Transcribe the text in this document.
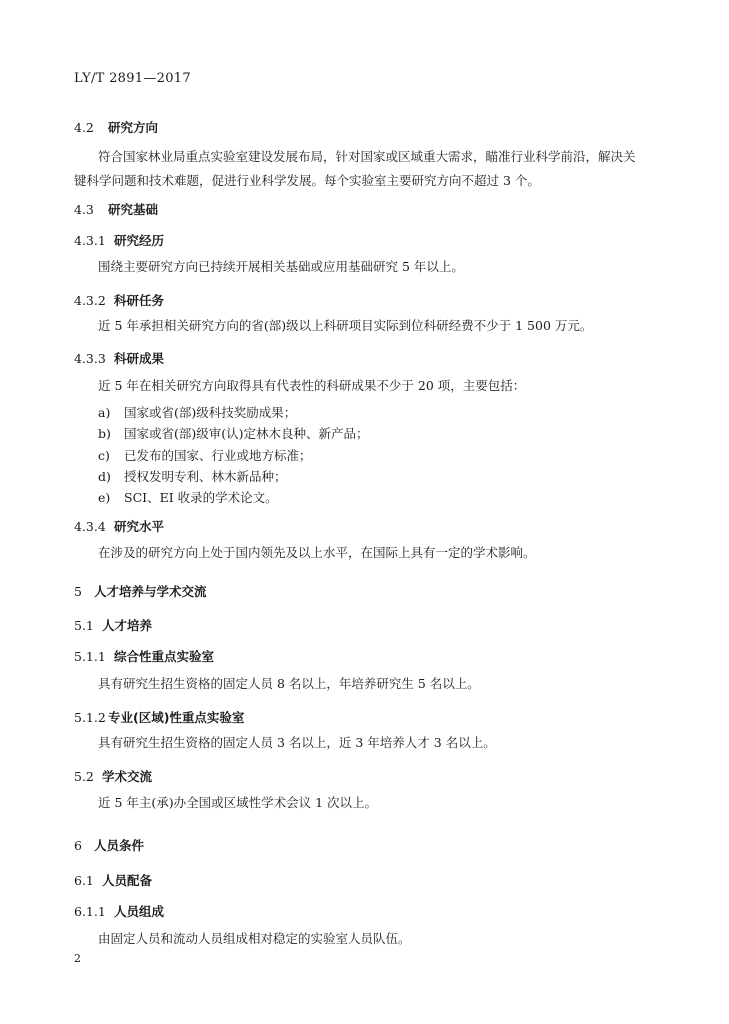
LY/T 2891—2017
4.2 研究方向
符合国家林业局重点实验室建设发展布局，针对国家或区域重大需求，瞄准行业科学前沿，解决关
键科学问题和技术难题，促进行业科学发展。每个实验室主要研究方向不超过 3 个。
4.3 研究基础
4.3.1 研究经历
围绕主要研究方向已持续开展相关基础或应用基础研究 5 年以上。
4.3.2 科研任务
近 5 年承担相关研究方向的省(部)级以上科研项目实际到位科研经费不少于 1 500 万元。
4.3.3 科研成果
近 5 年在相关研究方向取得具有代表性的科研成果不少于 20 项，主要包括：
a) 国家或省(部)级科技奖励成果；
b) 国家或省(部)级审(认)定林木良种、新产品；
c) 已发布的国家、行业或地方标准；
d) 授权发明专利、林木新品种；
e) SCI、EI 收录的学术论文。
4.3.4 研究水平
在涉及的研究方向上处于国内领先及以上水平，在国际上具有一定的学术影响。
5 人才培养与学术交流
5.1 人才培养
5.1.1 综合性重点实验室
具有研究生招生资格的固定人员 8 名以上，年培养研究生 5 名以上。
5.1.2 专业(区域)性重点实验室
具有研究生招生资格的固定人员 3 名以上，近 3 年培养人才 3 名以上。
5.2 学术交流
近 5 年主(承)办全国或区域性学术会议 1 次以上。
6 人员条件
6.1 人员配备
6.1.1 人员组成
由固定人员和流动人员组成相对稳定的实验室人员队伍。
2
